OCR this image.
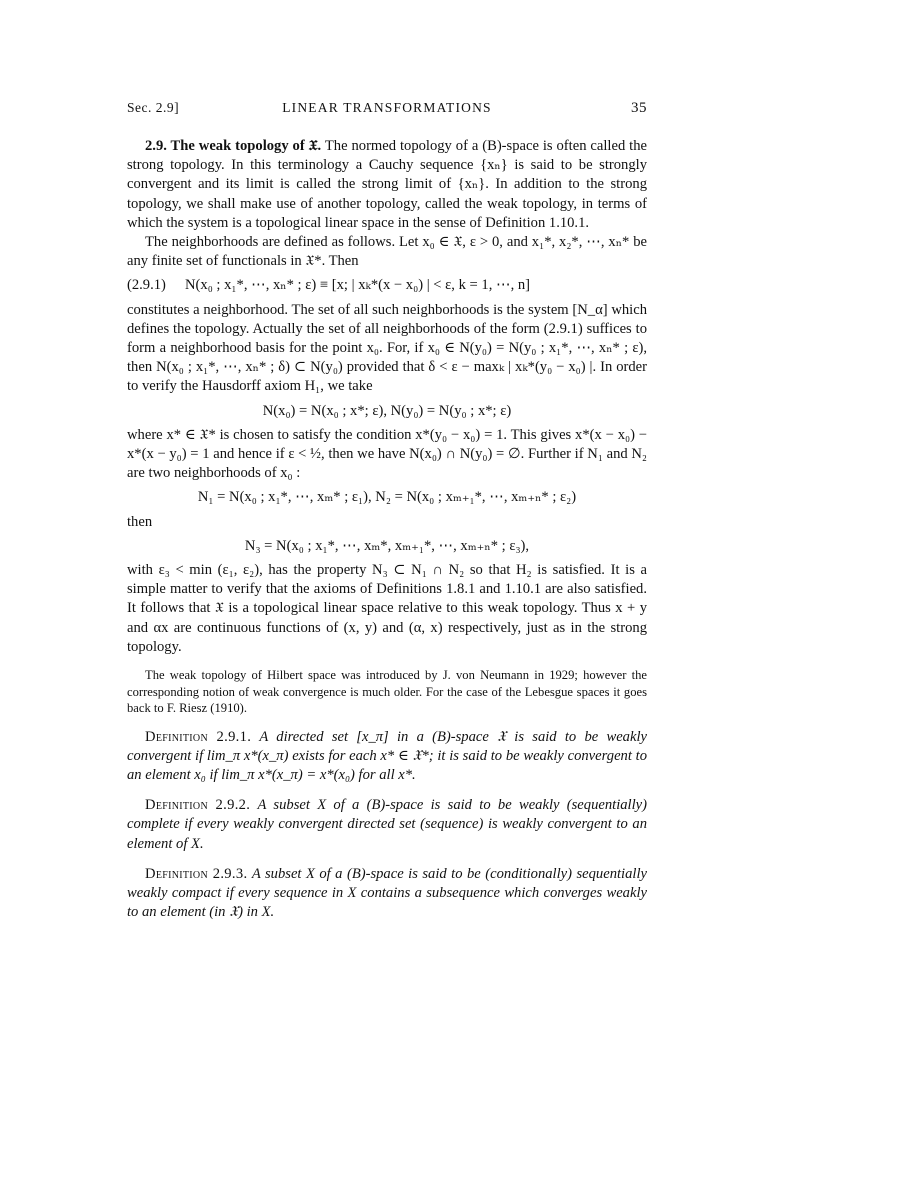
Sec. 2.9]	LINEAR TRANSFORMATIONS	35

2.9. The weak topology of 𝔛. The normed topology of a (B)-space is often called the strong topology. In this terminology a Cauchy sequence {xₙ} is said to be strongly convergent and its limit is called the strong limit of {xₙ}. In addition to the strong topology, we shall make use of another topology, called the weak topology, in terms of which the system is a topological linear space in the sense of Definition 1.10.1.

The neighborhoods are defined as follows. Let x₀ ∈ 𝔛, ε > 0, and x₁*, x₂*, ⋯, xₙ* be any finite set of functionals in 𝔛*. Then

(2.9.1)	N(x₀ ; x₁*, ⋯, xₙ* ; ε) ≡ [x; | xₖ*(x − x₀) | < ε, k = 1, ⋯, n]

constitutes a neighborhood. The set of all such neighborhoods is the system [N_α] which defines the topology. Actually the set of all neighborhoods of the form (2.9.1) suffices to form a neighborhood basis for the point x₀. For, if x₀ ∈ N(y₀) = N(y₀ ; x₁*, ⋯, xₙ* ; ε), then N(x₀ ; x₁*, ⋯, xₙ* ; δ) ⊂ N(y₀) provided that δ < ε − maxₖ | xₖ*(y₀ − x₀) |. In order to verify the Hausdorff axiom H₁, we take

N(x₀) = N(x₀ ; x*; ε), N(y₀) = N(y₀ ; x*; ε)

where x* ∈ 𝔛* is chosen to satisfy the condition x*(y₀ − x₀) = 1. This gives x*(x − x₀) − x*(x − y₀) = 1 and hence if ε < ½, then we have N(x₀) ∩ N(y₀) = ∅. Further if N₁ and N₂ are two neighborhoods of x₀ :

N₁ = N(x₀ ; x₁*, ⋯, xₘ* ; ε₁), N₂ = N(x₀ ; xₘ₊₁*, ⋯, xₘ₊ₙ* ; ε₂)

then

N₃ = N(x₀ ; x₁*, ⋯, xₘ*, xₘ₊₁*, ⋯, xₘ₊ₙ* ; ε₃),

with ε₃ < min (ε₁, ε₂), has the property N₃ ⊂ N₁ ∩ N₂ so that H₂ is satisfied. It is a simple matter to verify that the axioms of Definitions 1.8.1 and 1.10.1 are also satisfied. It follows that 𝔛 is a topological linear space relative to this weak topology. Thus x + y and αx are continuous functions of (x, y) and (α, x) respectively, just as in the strong topology.

The weak topology of Hilbert space was introduced by J. von Neumann in 1929; however the corresponding notion of weak convergence is much older. For the case of the Lebesgue spaces it goes back to F. Riesz (1910).

Definition 2.9.1. A directed set [x_π] in a (B)-space 𝔛 is said to be weakly convergent if lim_π x*(x_π) exists for each x* ∈ 𝔛*; it is said to be weakly convergent to an element x₀ if lim_π x*(x_π) = x*(x₀) for all x*.

Definition 2.9.2. A subset X of a (B)-space is said to be weakly (sequentially) complete if every weakly convergent directed set (sequence) is weakly convergent to an element of X.

Definition 2.9.3. A subset X of a (B)-space is said to be (conditionally) sequentially weakly compact if every sequence in X contains a subsequence which converges weakly to an element (in 𝔛) in X.
